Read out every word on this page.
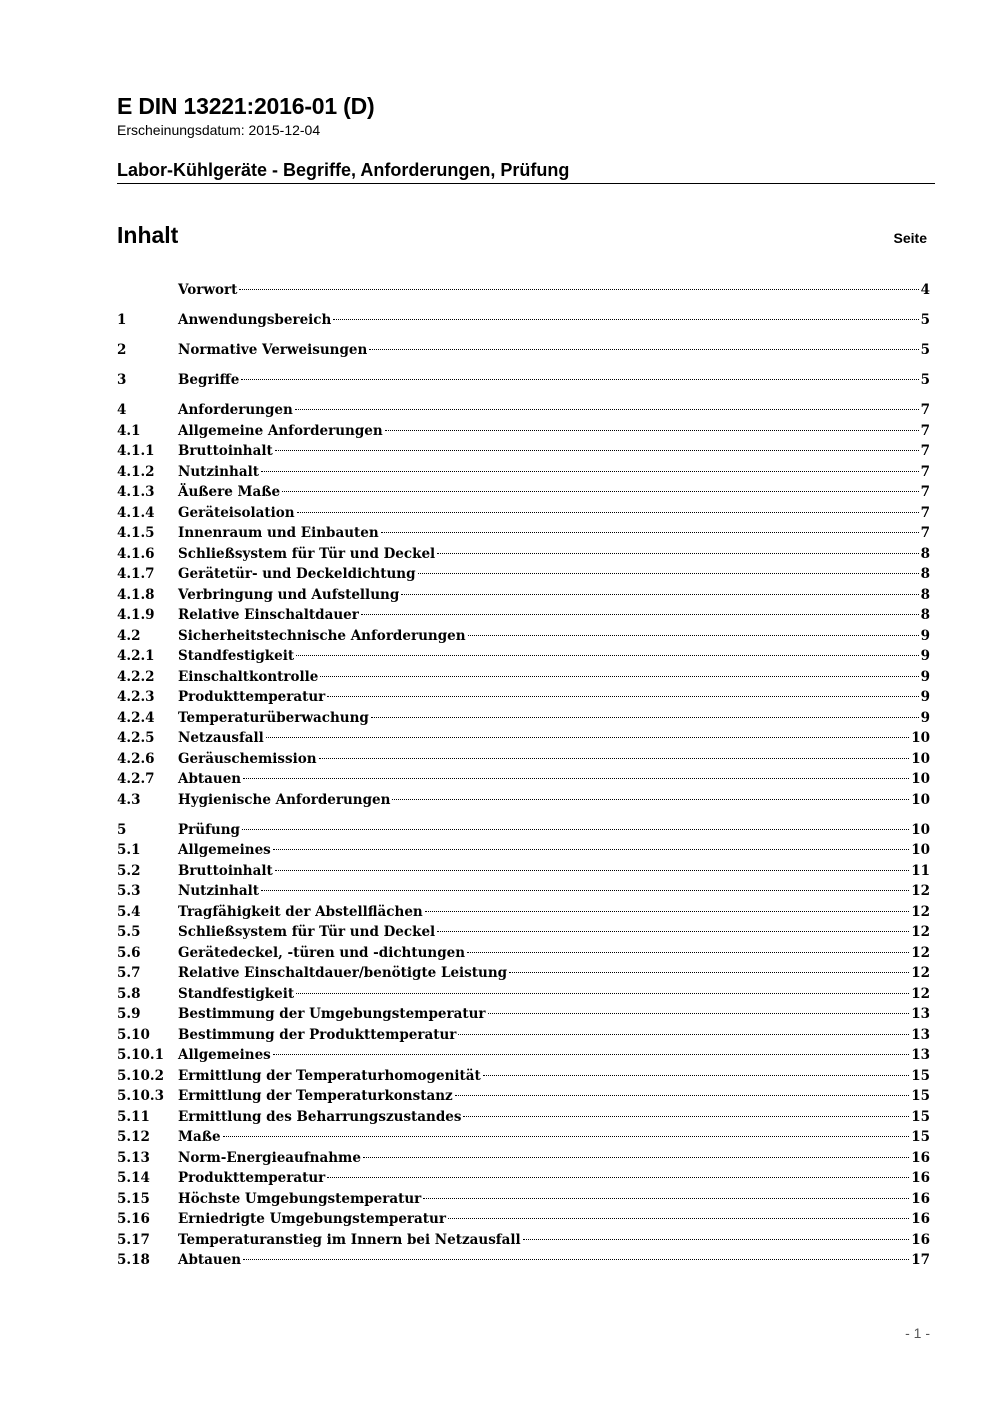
E DIN 13221:2016-01 (D)
Erscheinungsdatum: 2015-12-04
Labor-Kühlgeräte - Begriffe, Anforderungen, Prüfung
Inhalt	Seite
Vorwort	4
1	Anwendungsbereich	5
2	Normative Verweisungen	5
3	Begriffe	5
4	Anforderungen	7
4.1	Allgemeine Anforderungen	7
4.1.1	Bruttoinhalt	7
4.1.2	Nutzinhalt	7
4.1.3	Äußere Maße	7
4.1.4	Geräteisolation	7
4.1.5	Innenraum und Einbauten	7
4.1.6	Schließsystem für Tür und Deckel	8
4.1.7	Gerätetür- und Deckeldichtung	8
4.1.8	Verbringung und Aufstellung	8
4.1.9	Relative Einschaltdauer	8
4.2	Sicherheitstechnische Anforderungen	9
4.2.1	Standfestigkeit	9
4.2.2	Einschaltkontrolle	9
4.2.3	Produkttemperatur	9
4.2.4	Temperaturüberwachung	9
4.2.5	Netzausfall	10
4.2.6	Geräuschemission	10
4.2.7	Abtauen	10
4.3	Hygienische Anforderungen	10
5	Prüfung	10
5.1	Allgemeines	10
5.2	Bruttoinhalt	11
5.3	Nutzinhalt	12
5.4	Tragfähigkeit der Abstellflächen	12
5.5	Schließsystem für Tür und Deckel	12
5.6	Gerätedeckel, -türen und -dichtungen	12
5.7	Relative Einschaltdauer/benötigte Leistung	12
5.8	Standfestigkeit	12
5.9	Bestimmung der Umgebungstemperatur	13
5.10	Bestimmung der Produkttemperatur	13
5.10.1	Allgemeines	13
5.10.2	Ermittlung der Temperaturhomogenität	15
5.10.3	Ermittlung der Temperaturkonstanz	15
5.11	Ermittlung des Beharrungszustandes	15
5.12	Maße	15
5.13	Norm-Energieaufnahme	16
5.14	Produkttemperatur	16
5.15	Höchste Umgebungstemperatur	16
5.16	Erniedrigte Umgebungstemperatur	16
5.17	Temperaturanstieg im Innern bei Netzausfall	16
5.18	Abtauen	17
- 1 -
